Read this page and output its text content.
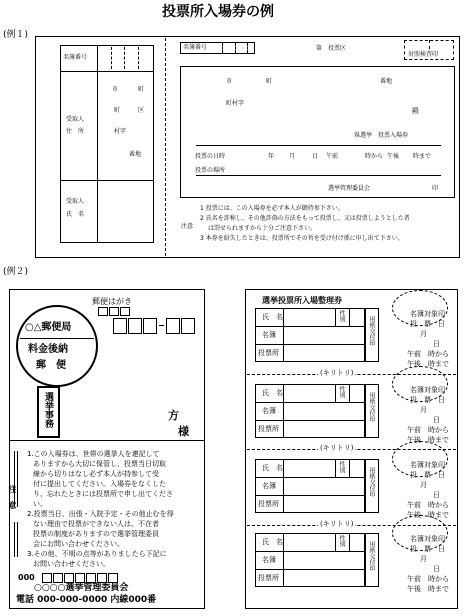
投票所入場券の例
(例１)
名簿番号
受取人
住　所
市	町
町	区
村字
番地
受取人
氏　名
名簿番号	第　投票区
対照検査印
市	町	番地
町村字
殿
県選挙　投票入場券
投票の日時	年 月	日 午前	時から 午後 時まで
投票の場所
選挙管理委員会	印
注意
1 投票には、この入場券を必ず本人が御持参下さい。
2 氏名を詐称し、その他詐偽の方法をもって投票し、又は投票しようとした者
は罰せられますから十分ご注意下さい。
3 本券を紛失したときは、投票所でその旨を受け付け係に申し出て下さい。
(例２)
郵便はがき
○△郵便局
料金後納
郵　便
選挙事務	方
様
注　意
1.この入場券は、世帯の選挙人を連記して
ありますから大切に保管し、投票当日切取
線から切りはなし必ず本人が持参して受
付に提出してください。入場券をなくした
り、忘れたときには投票所で申し出てくださ
い。
2.投票当日、出張・入院予定・その他止むを得
ない理由で投票ができない人は、不在者
投票の制度がありますので選挙管理委員
会にお問い合わせください。
3.その他、不明の点等がありましたら下記に
お問い合わせください。
000
○○○○選挙管理委員会
電話 000-000-0000 内線000番
選挙投票所入場整理券
氏　名
名簿
投票所
性別	用紙交付印
名簿対象印
投　票　日
月
日
午前 時から
午後 時まで
氏　名
名簿
投票所
性別	用紙交付印
名簿対象印
投　票　日
月
日
午前 時から
午後 時まで
氏　名
名簿
投票所
性別	用紙交付印
名簿対象印
投　票　日
月
日
午前 時から
午後 時まで
氏　名
名簿
投票所
性別	用紙交付印
名簿対象印
投　票　日
月
日
午前 時から
午後 時まで
(キリトリ)
(キリトリ)
(キリトリ)
